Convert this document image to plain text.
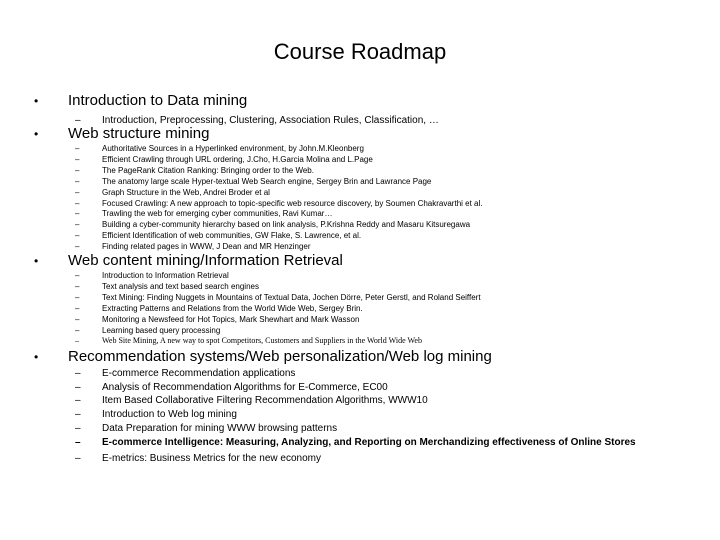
Course Roadmap
•	Introduction to Data mining
–	Introduction, Preprocessing, Clustering, Association Rules, Classification, …
•	Web structure mining
–	Authoritative Sources in a Hyperlinked environment, by John.M.Kleonberg
–	Efficient Crawling through URL ordering, J.Cho, H.Garcia Molina and L.Page
–	The PageRank Citation Ranking: Bringing order to the Web.
–	The anatomy large scale Hyper-textual Web Search engine, Sergey Brin and Lawrance Page
–	Graph Structure in the Web, Andrei Broder et al
–	Focused Crawling: A new approach to topic-specific web resource discovery, by Soumen Chakravarthi et al.
–	Trawling the web for emerging cyber communities, Ravi Kumar…
–	Building a cyber-community hierarchy based on link analysis, P.Krishna Reddy and Masaru Kitsuregawa
–	Efficient Identification of web communities, GW Flake, S. Lawrence, et al.
–	Finding related pages in WWW, J Dean and MR Henzinger
•	Web content mining/Information Retrieval
–	Introduction to Information Retrieval
–	Text analysis and text based search engines
–	Text Mining: Finding Nuggets in Mountains of Textual Data, Jochen Dörre, Peter Gerstl, and Roland Seiffert
–	Extracting Patterns and Relations from the World Wide Web, Sergey Brin.
–	Monitoring a Newsfeed for Hot Topics, Mark Shewhart and Mark Wasson
–	Learning based query processing
–	Web Site Mining, A new way to spot Competitors, Customers and Suppliers in the World Wide Web
•	Recommendation systems/Web personalization/Web log mining
–	E-commerce Recommendation applications
–	Analysis of Recommendation Algorithms for E-Commerce, EC00
–	Item Based Collaborative Filtering Recommendation Algorithms, WWW10
–	Introduction to Web log mining
–	Data Preparation for mining WWW browsing patterns
–	E-commerce Intelligence: Measuring, Analyzing, and Reporting on Merchandizing effectiveness of Online Stores
–	E-metrics: Business Metrics for the new economy
